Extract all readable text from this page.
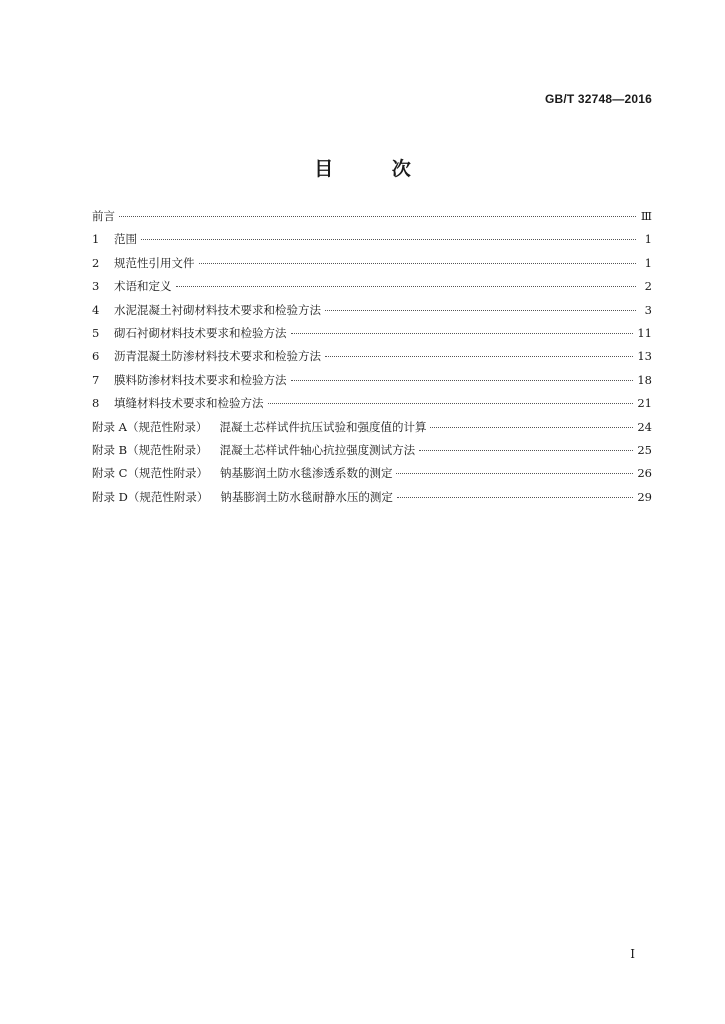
GB/T 32748—2016
目 次
前言	Ⅲ
1	范围	1
2	规范性引用文件	1
3	术语和定义	2
4	水泥混凝土衬砌材料技术要求和检验方法	3
5	砌石衬砌材料技术要求和检验方法	11
6	沥青混凝土防渗材料技术要求和检验方法	13
7	膜料防渗材料技术要求和检验方法	18
8	填缝材料技术要求和检验方法	21
附录 A（规范性附录） 混凝土芯样试件抗压试验和强度值的计算	24
附录 B（规范性附录） 混凝土芯样试件轴心抗拉强度测试方法	25
附录 C（规范性附录） 钠基膨润土防水毯渗透系数的测定	26
附录 D（规范性附录） 钠基膨润土防水毯耐静水压的测定	29
I
